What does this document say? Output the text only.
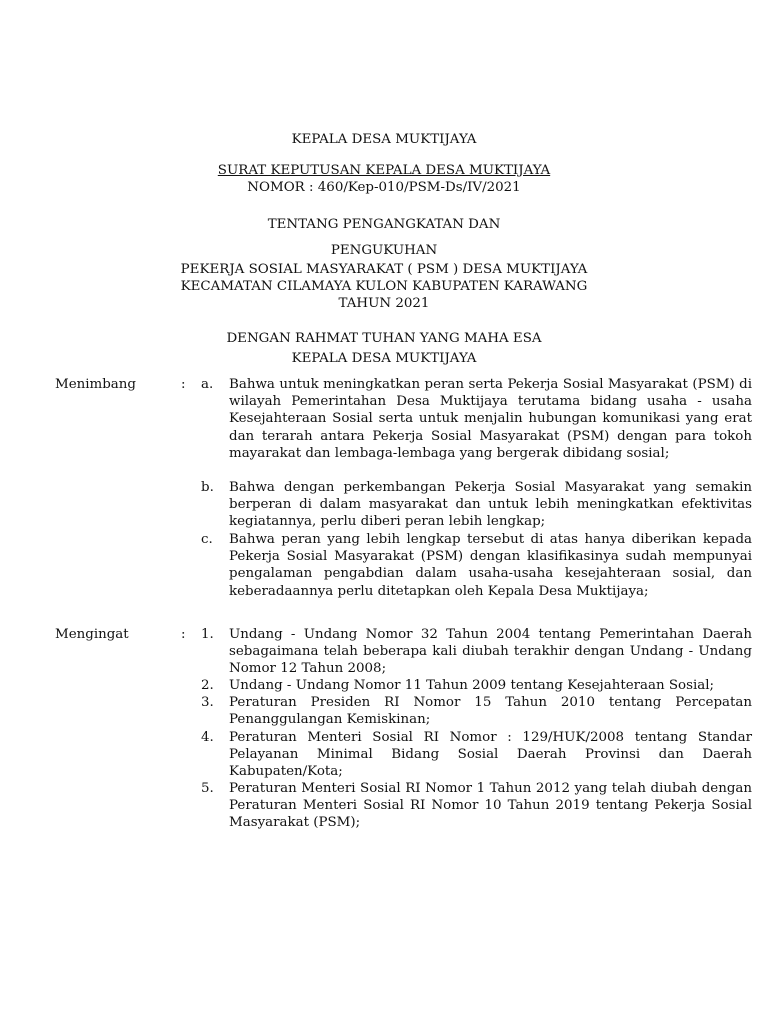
KEPALA DESA MUKTIJAYA
SURAT KEPUTUSAN KEPALA DESA MUKTIJAYA
NOMOR : 460/Kep-010/PSM-Ds/IV/2021
TENTANG PENGANGKATAN DAN
PENGUKUHAN
PEKERJA SOSIAL MASYARAKAT ( PSM ) DESA MUKTIJAYA
KECAMATAN CILAMAYA KULON KABUPATEN KARAWANG
TAHUN 2021
DENGAN RAHMAT TUHAN YANG MAHA ESA
KEPALA DESA MUKTIJAYA
Menimbang	: a. Bahwa untuk meningkatkan peran serta Pekerja Sosial Masyarakat (PSM) di wilayah Pemerintahan Desa Muktijaya terutama bidang usaha - usaha Kesejahteraan Sosial serta untuk menjalin hubungan komunikasi yang erat dan terarah antara Pekerja Sosial Masyarakat (PSM) dengan para tokoh mayarakat dan lembaga-lembaga yang bergerak dibidang sosial;
b. Bahwa dengan perkembangan Pekerja Sosial Masyarakat yang semakin berperan di dalam masyarakat dan untuk lebih meningkatkan efektivitas kegiatannya, perlu diberi peran lebih lengkap;
c. Bahwa peran yang lebih lengkap tersebut di atas hanya diberikan kepada Pekerja Sosial Masyarakat (PSM) dengan klasifikasinya sudah mempunyai pengalaman pengabdian dalam usaha-usaha kesejahteraan sosial, dan keberadaannya perlu ditetapkan oleh Kepala Desa Muktijaya;
Mengingat	: 1. Undang - Undang Nomor 32 Tahun 2004 tentang Pemerintahan Daerah sebagaimana telah beberapa kali diubah terakhir dengan Undang - Undang Nomor 12 Tahun 2008;
2. Undang - Undang Nomor 11 Tahun 2009 tentang Kesejahteraan Sosial;
3. Peraturan Presiden RI Nomor 15 Tahun 2010 tentang Percepatan Penanggulangan Kemiskinan;
4. Peraturan Menteri Sosial RI Nomor : 129/HUK/2008 tentang Standar Pelayanan Minimal Bidang Sosial Daerah Provinsi dan Daerah Kabupaten/Kota;
5. Peraturan Menteri Sosial RI Nomor 1 Tahun 2012 yang telah diubah dengan Peraturan Menteri Sosial RI Nomor 10 Tahun 2019 tentang Pekerja Sosial Masyarakat (PSM);
